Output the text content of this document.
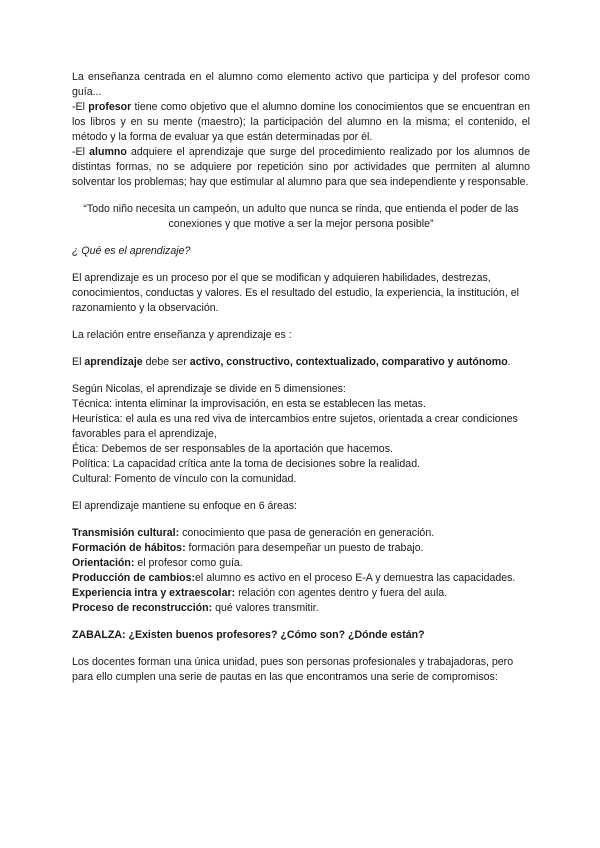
La enseñanza centrada en el alumno como elemento activo que participa y del profesor como guía...

-El profesor tiene como objetivo que el alumno domine los conocimientos que se encuentran en los libros y en su mente (maestro); la participación del alumno en la misma; el contenido, el método y la forma de evaluar ya que están determinadas por él.

-El alumno adquiere el aprendizaje que surge del procedimiento realizado por los alumnos de distintas formas, no se adquiere por repetición sino por actividades que permiten al alumno solventar los problemas; hay que estimular al alumno para que sea independiente y responsable.

“Todo niño necesita un campeón, un adulto que nunca se rinda, que entienda el poder de las conexiones y que motive a ser la mejor persona posible”

¿ Qué es el aprendizaje?

El aprendizaje es un proceso por el que se modifican y adquieren habilidades, destrezas, conocimientos, conductas y valores. Es el resultado del estudio, la experiencia, la institución, el razonamiento y la observación.

La relación entre enseñanza y aprendizaje es :

El aprendizaje debe ser activo, constructivo, contextualizado, comparativo y autónomo.

Según Nicolas, el aprendizaje se divide en 5 dimensiones:

Técnica: intenta eliminar la improvisación, en esta se establecen las metas.
Heurística: el aula es una red viva de intercambios entre sujetos, orientada a crear condiciones favorables para el aprendizaje,
Ética: Debemos de ser responsables de la aportación que hacemos.
Política: La capacidad crítica ante la toma de decisiones sobre la realidad.
Cultural: Fomento de vínculo con la comunidad.

El aprendizaje mantiene su enfoque en 6 áreas:

Transmisión cultural: conocimiento que pasa de generación en generación.
Formación de hábitos: formación para desempeñar un puesto de trabajo.
Orientación: el profesor como guía.
Producción de cambios:el alumno es activo en el proceso E-A y demuestra las capacidades.
Experiencia intra y extraescolar: relación con agentes dentro y fuera del aula.
Proceso de reconstrucción: qué valores transmitir.

ZABALZA: ¿Existen buenos profesores? ¿Cómo son? ¿Dónde están?

Los docentes forman una única unidad, pues son personas profesionales y trabajadoras, pero para ello cumplen una serie de pautas en las que encontramos una serie de compromisos:
